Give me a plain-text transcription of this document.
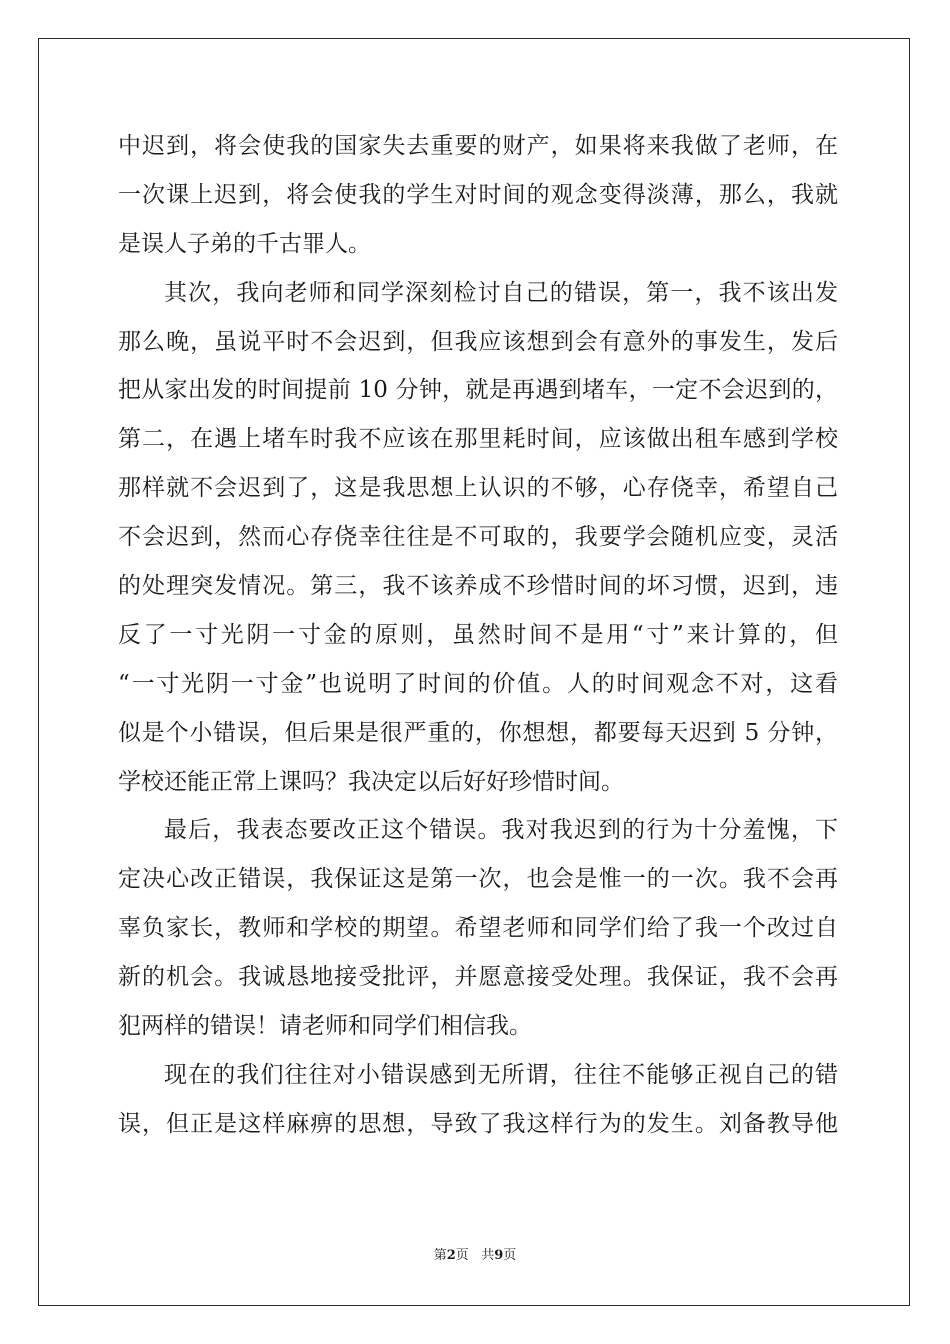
中迟到，将会使我的国家失去重要的财产，如果将来我做了老师，在
一次课上迟到，将会使我的学生对时间的观念变得淡薄，那么，我就
是误人子弟的千古罪人。
其次，我向老师和同学深刻检讨自己的错误，第一，我不该出发
那么晚，虽说平时不会迟到，但我应该想到会有意外的事发生，发后
把从家出发的时间提前 10 分钟，就是再遇到堵车，一定不会迟到的，
第二，在遇上堵车时我不应该在那里耗时间，应该做出租车感到学校
那样就不会迟到了，这是我思想上认识的不够，心存侥幸，希望自己
不会迟到，然而心存侥幸往往是不可取的，我要学会随机应变，灵活
的处理突发情况。第三，我不该养成不珍惜时间的坏习惯，迟到，违
反了一寸光阴一寸金的原则，虽然时间不是用“寸”来计算的，但
“一寸光阴一寸金”也说明了时间的价值。人的时间观念不对，这看
似是个小错误，但后果是很严重的，你想想，都要每天迟到 5 分钟，
学校还能正常上课吗？我决定以后好好珍惜时间。
最后，我表态要改正这个错误。我对我迟到的行为十分羞愧，下
定决心改正错误，我保证这是第一次，也会是惟一的一次。我不会再
辜负家长，教师和学校的期望。希望老师和同学们给了我一个改过自
新的机会。我诚恳地接受批评，并愿意接受处理。我保证，我不会再
犯两样的错误！请老师和同学们相信我。
现在的我们往往对小错误感到无所谓，往往不能够正视自己的错
误，但正是这样麻痹的思想，导致了我这样行为的发生。刘备教导他
第2页 共9页
